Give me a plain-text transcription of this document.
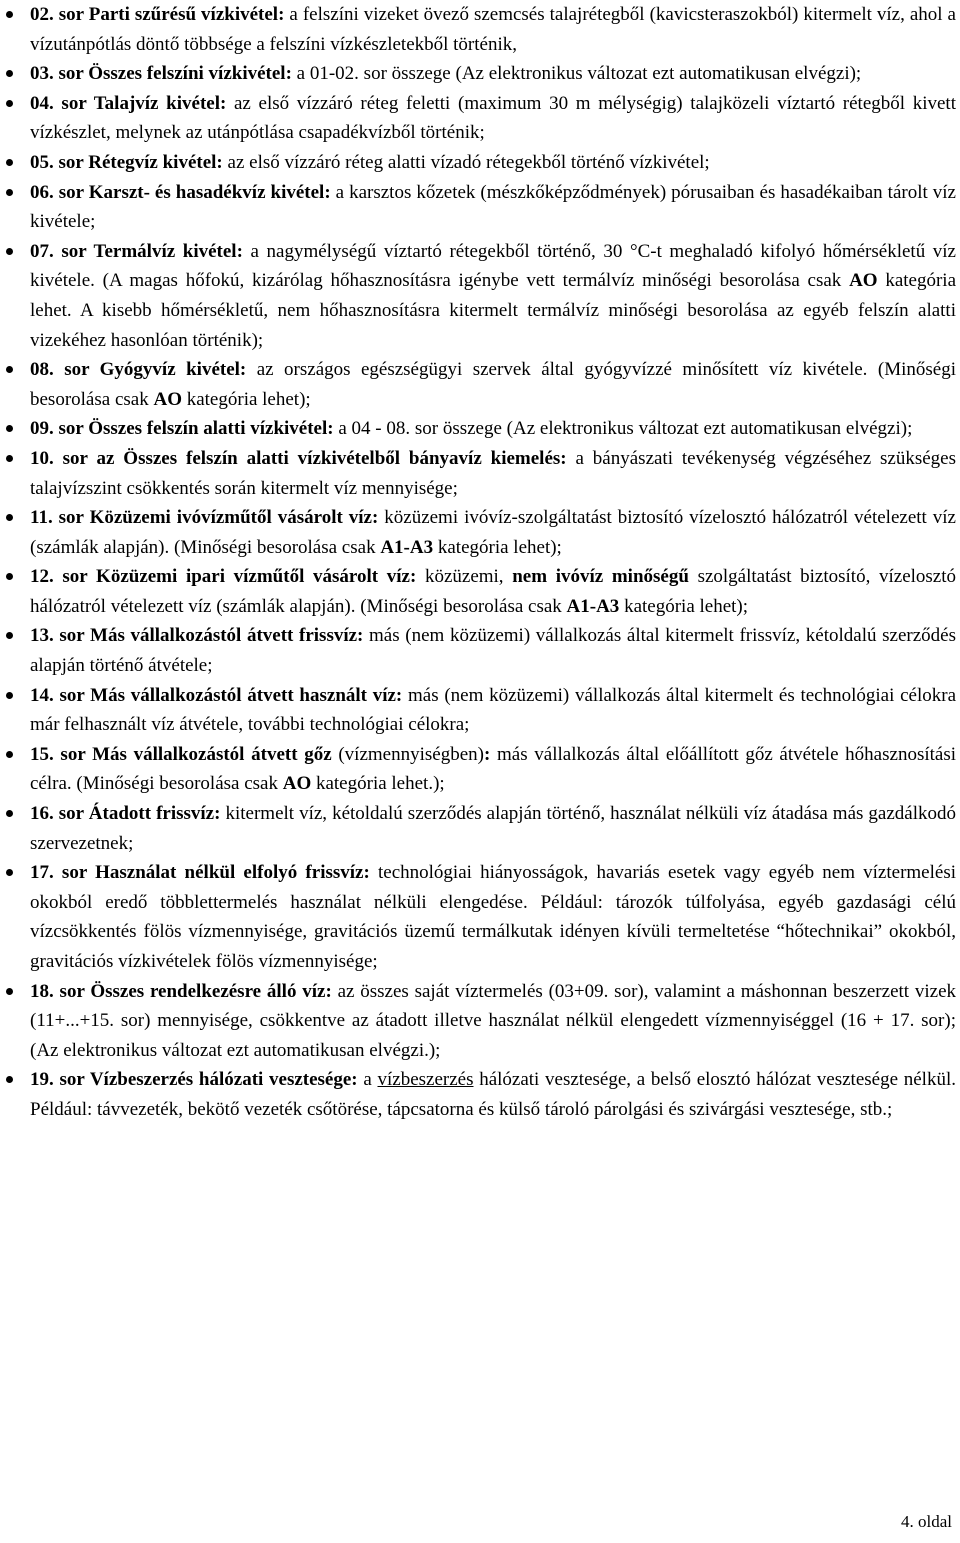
02. sor Parti szűrésű vízkivétel: a felszíni vizeket övező szemcsés talajrétegből (kavicsteraszokból) kitermelt víz, ahol a vízutánpótlás döntő többsége a felszíni vízkészletekből történik,
03. sor Összes felszíni vízkivétel: a 01-02. sor összege (Az elektronikus változat ezt automatikusan elvégzi);
04. sor Talajvíz kivétel: az első vízzáró réteg feletti (maximum 30 m mélységig) talajközeli víztartó rétegből kivett vízkészlet, melynek az utánpótlása csapadékvízből történik;
05. sor Rétegvíz kivétel: az első vízzáró réteg alatti vízadó rétegekből történő vízkivétel;
06. sor Karszt- és hasadékvíz kivétel: a karsztos kőzetek (mészkőképződmények) pórusaiban és hasadékaiban tárolt víz kivétele;
07. sor Termálvíz kivétel: a nagymélységű víztartó rétegekből történő, 30 °C-t meghaladó kifolyó hőmérsékletű víz kivétele. (A magas hőfokú, kizárólag hőhasznosításra igénybe vett termálvíz minőségi besorolása csak AO kategória lehet. A kisebb hőmérsékletű, nem hőhasznosításra kitermelt termálvíz minőségi besorolása az egyéb felszín alatti vizekéhez hasonlóan történik);
08. sor Gyógyvíz kivétel: az országos egészségügyi szervek által gyógyvízzé minősített víz kivétele. (Minőségi besorolása csak AO kategória lehet);
09. sor Összes felszín alatti vízkivétel: a 04 - 08. sor összege (Az elektronikus változat ezt automatikusan elvégzi);
10. sor az Összes felszín alatti vízkivételből bányavíz kiemelés: a bányászati tevékenység végzéséhez szükséges talajvízszint csökkentés során kitermelt víz mennyisége;
11. sor Közüzemi ivóvízműtől vásárolt víz: közüzemi ivóvíz-szolgáltatást biztosító vízelosztó hálózatról vételezett víz (számlák alapján). (Minőségi besorolása csak A1-A3 kategória lehet);
12. sor Közüzemi ipari vízműtől vásárolt víz: közüzemi, nem ivóvíz minőségű szolgáltatást biztosító, vízelosztó hálózatról vételezett víz (számlák alapján). (Minőségi besorolása csak A1-A3 kategória lehet);
13. sor Más vállalkozástól átvett frissvíz: más (nem közüzemi) vállalkozás által kitermelt frissvíz, kétoldalú szerződés alapján történő átvétele;
14. sor Más vállalkozástól átvett használt víz: más (nem közüzemi) vállalkozás által kitermelt és technológiai célokra már felhasznált víz átvétele, további technológiai célokra;
15. sor Más vállalkozástól átvett gőz (vízmennyiségben): más vállalkozás által előállított gőz átvétele hőhasznosítási célra. (Minőségi besorolása csak AO kategória lehet.);
16. sor Átadott frissvíz: kitermelt víz, kétoldalú szerződés alapján történő, használat nélküli víz átadása más gazdálkodó szervezetnek;
17. sor Használat nélkül elfolyó frissvíz: technológiai hiányosságok, havariás esetek vagy egyéb nem víztermelési okokból eredő többlettermelés használat nélküli elengedése. Például: tározók túlfolyása, egyéb gazdasági célú vízcsökkentés fölös vízmennyisége, gravitációs üzemű termálkutak idényen kívüli termeltetése “hőtechnikai” okokból, gravitációs vízkivételek fölös vízmennyisége;
18. sor Összes rendelkezésre álló víz: az összes saját víztermelés (03+09. sor), valamint a máshonnan beszerzett vizek (11+...+15. sor) mennyisége, csökkentve az átadott illetve használat nélkül elengedett vízmennyiséggel (16 + 17. sor); (Az elektronikus változat ezt automatikusan elvégzi.);
19. sor Vízbeszerzés hálózati vesztesége: a vízbeszerzés hálózati vesztesége, a belső elosztó hálózat vesztesége nélkül. Például: távvezeték, bekötő vezeték csőtörése, tápcsatorna és külső tároló párolgási és szivárgási vesztesége, stb.;
4. oldal
